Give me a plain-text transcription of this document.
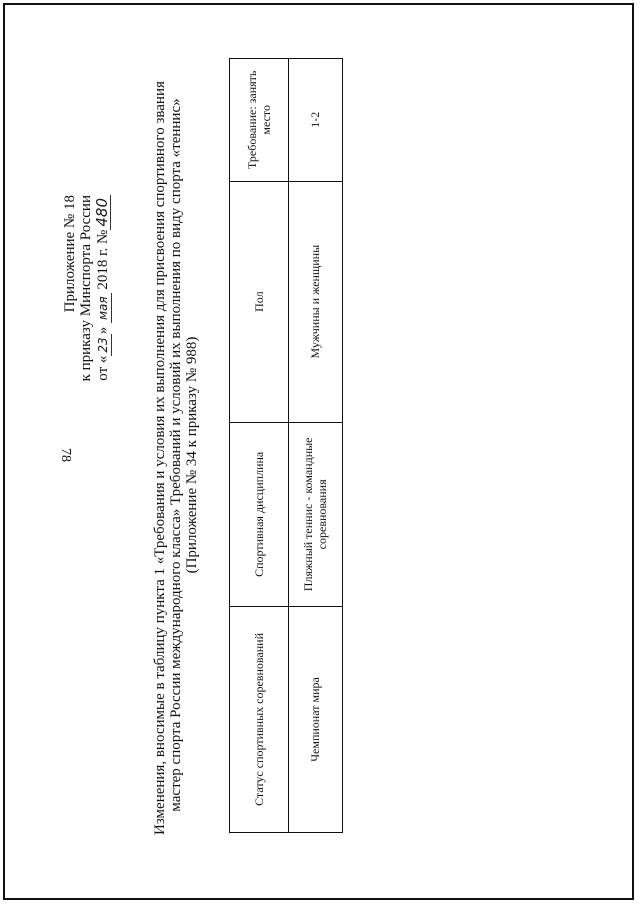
78
Приложение № 18 к приказу Минспорта России от «23» мая 2018 г. №480	Изменения, вносимые в таблицу пункта 1 «Требования и условия их выполнения для присвоения спортивного звания мастер спорта России международного класса» Требований и условий их выполнения по виду спорта «теннис» (Приложение № 34 к приказу № 988)
Статус спортивных соревнований	Спортивная дисциплина	Пол	Требование: занять место
Чемпионат мира	Пляжный теннис - командные соревнования	Мужчины и женщины	1-2
